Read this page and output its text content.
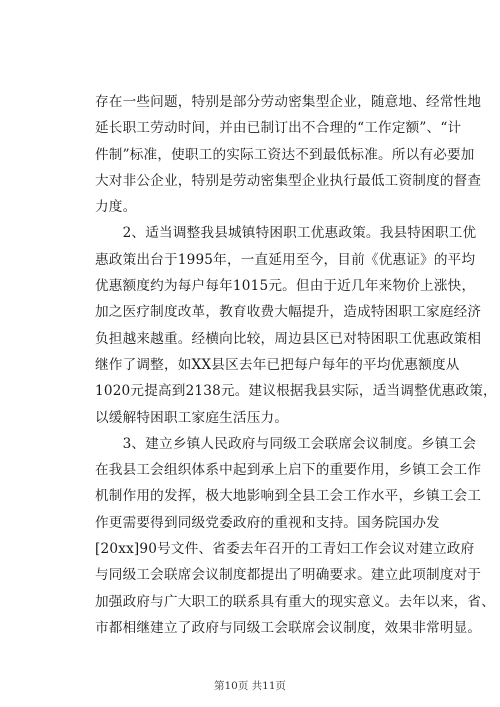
存在一些问题，特别是部分劳动密集型企业，随意地、经常性地
延长职工劳动时间，并由已制订出不合理的“工作定额”、“计
件制”标准，使职工的实际工资达不到最低标准。所以有必要加
大对非公企业，特别是劳动密集型企业执行最低工资制度的督查
力度。
　　2、适当调整我县城镇特困职工优惠政策。我县特困职工优
惠政策出台于1995年，一直延用至今，目前《优惠证》的平均
优惠额度约为每户每年1015元。但由于近几年来物价上涨快，
加之医疗制度改革，教育收费大幅提升，造成特困职工家庭经济
负担越来越重。经横向比较，周边县区已对特困职工优惠政策相
继作了调整，如XX县区去年已把每户每年的平均优惠额度从
1020元提高到2138元。建议根据我县实际，适当调整优惠政策，
以缓解特困职工家庭生活压力。
　　3、建立乡镇人民政府与同级工会联席会议制度。乡镇工会
在我县工会组织体系中起到承上启下的重要作用，乡镇工会工作
机制作用的发挥，极大地影响到全县工会工作水平，乡镇工会工
作更需要得到同级党委政府的重视和支持。国务院国办发
[20xx]90号文件、省委去年召开的工青妇工作会议对建立政府
与同级工会联席会议制度都提出了明确要求。建立此项制度对于
加强政府与广大职工的联系具有重大的现实意义。去年以来，省、
市都相继建立了政府与同级工会联席会议制度，效果非常明显。
第10页 共11页
